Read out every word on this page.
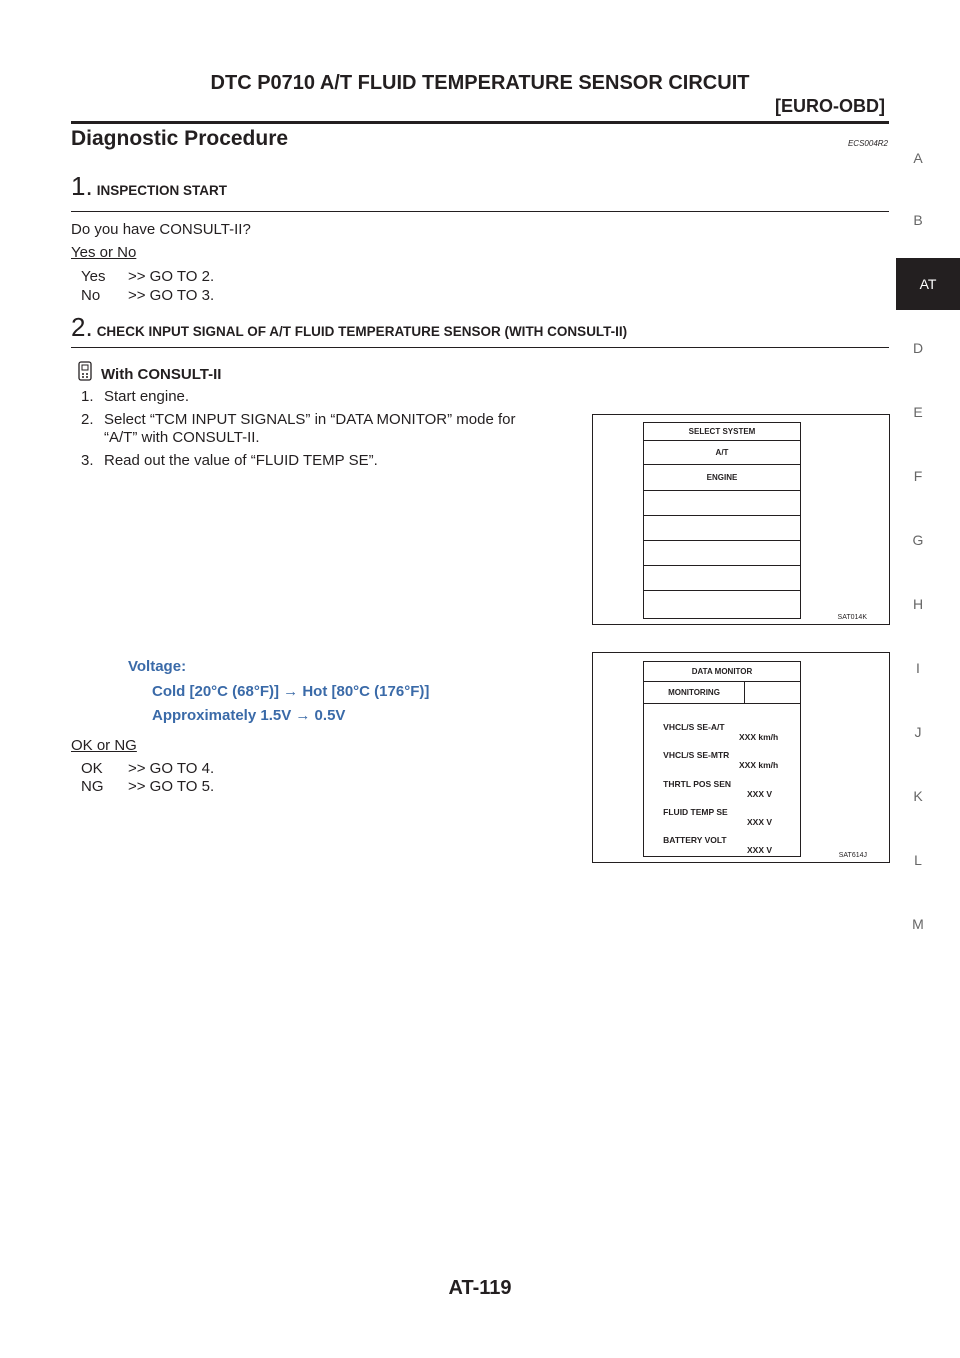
DTC P0710 A/T FLUID TEMPERATURE SENSOR CIRCUIT
[EURO-OBD]
Diagnostic Procedure	ECS004R2
A
B
D
E
F
G
H
I
J
K
L
M
AT
1. INSPECTION START
Do you have CONSULT-II?
Yes or No
Yes >> GO TO 2.
No >> GO TO 3.
2. CHECK INPUT SIGNAL OF A/T FLUID TEMPERATURE SENSOR (WITH CONSULT-II)
With CONSULT-II
1. Start engine.
2. Select “TCM INPUT SIGNALS” in “DATA MONITOR” mode for
“A/T” with CONSULT-II.
3. Read out the value of “FLUID TEMP SE”.
SELECT SYSTEM
A/T
ENGINE
SAT014K
Voltage:
Cold [20°C (68°F)] → Hot [80°C (176°F)]
Approximately 1.5V → 0.5V
OK or NG
OK >> GO TO 4.
NG >> GO TO 5.
DATA MONITOR
MONITORING

VHCL/S SE-A/T

XXX km/h

VHCL/S SE-MTR

XXX km/h

THRTL POS SEN

XXX V

FLUID TEMP SE

XXX V

BATTERY VOLT

XXX V

SAT614J
AT-119
